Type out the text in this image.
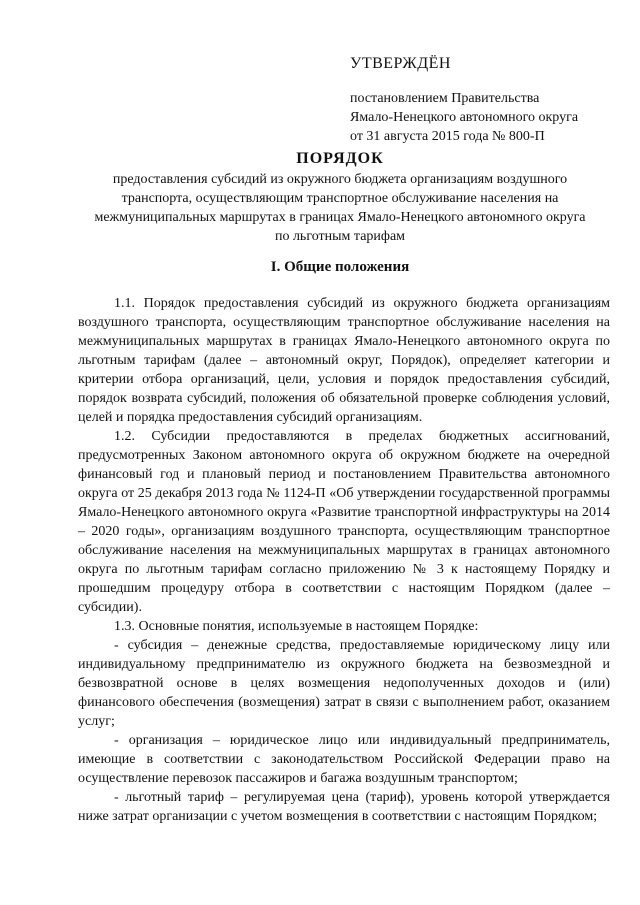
УТВЕРЖДЁН
постановлением Правительства
Ямало-Ненецкого автономного округа
от 31 августа 2015 года № 800-П
ПОРЯДОК
предоставления субсидий из окружного бюджета организациям воздушного транспорта, осуществляющим транспортное обслуживание населения на межмуниципальных маршрутах в границах Ямало-Ненецкого автономного округа по льготным тарифам
I. Общие положения

1.1. Порядок предоставления субсидий из окружного бюджета организациям воздушного транспорта, осуществляющим транспортное обслуживание населения на межмуниципальных маршрутах в границах Ямало-Ненецкого автономного округа по льготным тарифам (далее – автономный округ, Порядок), определяет категории и критерии отбора организаций, цели, условия и порядок предоставления субсидий, порядок возврата субсидий, положения об обязательной проверке соблюдения условий, целей и порядка предоставления субсидий организациям.

1.2. Субсидии предоставляются в пределах бюджетных ассигнований, предусмотренных Законом автономного округа об окружном бюджете на очередной финансовый год и плановый период и постановлением Правительства автономного округа от 25 декабря 2013 года № 1124-П «Об утверждении государственной программы Ямало-Ненецкого автономного округа «Развитие транспортной инфраструктуры на 2014 – 2020 годы», организациям воздушного транспорта, осуществляющим транспортное обслуживание населения на межмуниципальных маршрутах в границах автономного округа по льготным тарифам согласно приложению № 3 к настоящему Порядку и прошедшим процедуру отбора в соответствии с настоящим Порядком (далее – субсидии).

1.3. Основные понятия, используемые в настоящем Порядке:

- субсидия – денежные средства, предоставляемые юридическому лицу или индивидуальному предпринимателю из окружного бюджета на безвозмездной и безвозвратной основе в целях возмещения недополученных доходов и (или) финансового обеспечения (возмещения) затрат в связи с выполнением работ, оказанием услуг;

- организация – юридическое лицо или индивидуальный предприниматель, имеющие в соответствии с законодательством Российской Федерации право на осуществление перевозок пассажиров и багажа воздушным транспортом;

- льготный тариф – регулируемая цена (тариф), уровень которой утверждается ниже затрат организации с учетом возмещения в соответствии с настоящим Порядком;
